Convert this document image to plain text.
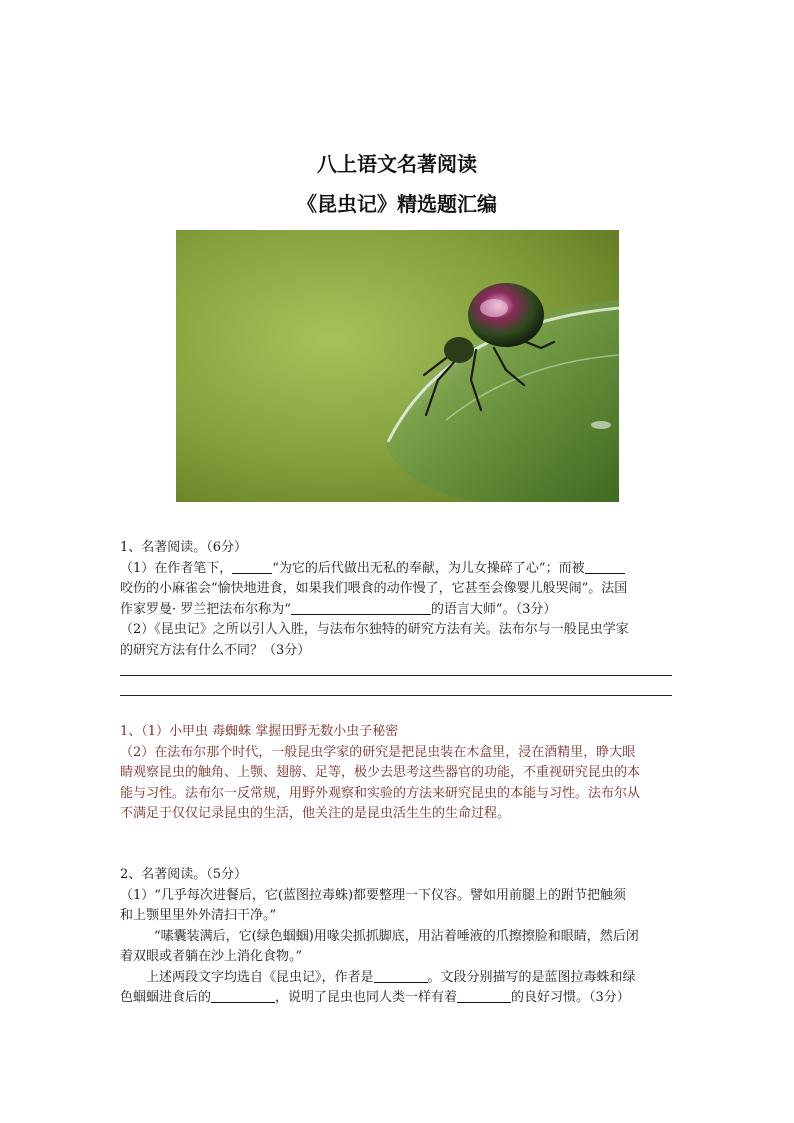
八上语文名著阅读
《昆虫记》精选题汇编
1、名著阅读。（6分）
（1）在作者笔下，	“为它的后代做出无私的奉献，为儿女操碎了心”；而被
咬伤的小麻雀会“愉快地进食，如果我们喂食的动作慢了，它甚至会像婴儿般哭闹”。法国
作家罗曼· 罗兰把法布尔称为“	的语言大师”。（3分）
（2）《昆虫记》之所以引人入胜，与法布尔独特的研究方法有关。法布尔与一般昆虫学家
的研究方法有什么不同？（3分）
1、（1）小甲虫 毒蜘蛛 掌握田野无数小虫子秘密
（2）在法布尔那个时代，一般昆虫学家的研究是把昆虫装在木盒里，浸在酒精里，睁大眼
睛观察昆虫的触角、上颚、翅膀、足等，极少去思考这些器官的功能，不重视研究昆虫的本
能与习性。法布尔一反常规，用野外观察和实验的方法来研究昆虫的本能与习性。法布尔从
不满足于仅仅记录昆虫的生活，他关注的是昆虫活生生的生命过程。
2、名著阅读。（5分）
（1）“几乎每次进餐后，它(蓝图拉毒蛛)都要整理一下仪容。譬如用前腿上的跗节把触须
和上颚里里外外清扫干净。”
“嗉囊装满后，它(绿色蝈蝈)用喙尖抓抓脚底，用沾着唾液的爪擦擦脸和眼睛，然后闭
着双眼或者躺在沙上消化食物。”
上述两段文字均选自《昆虫记》，作者是	。文段分别描写的是蓝图拉毒蛛和绿
色蝈蝈进食后的	，说明了昆虫也同人类一样有着	的良好习惯。（3分）
